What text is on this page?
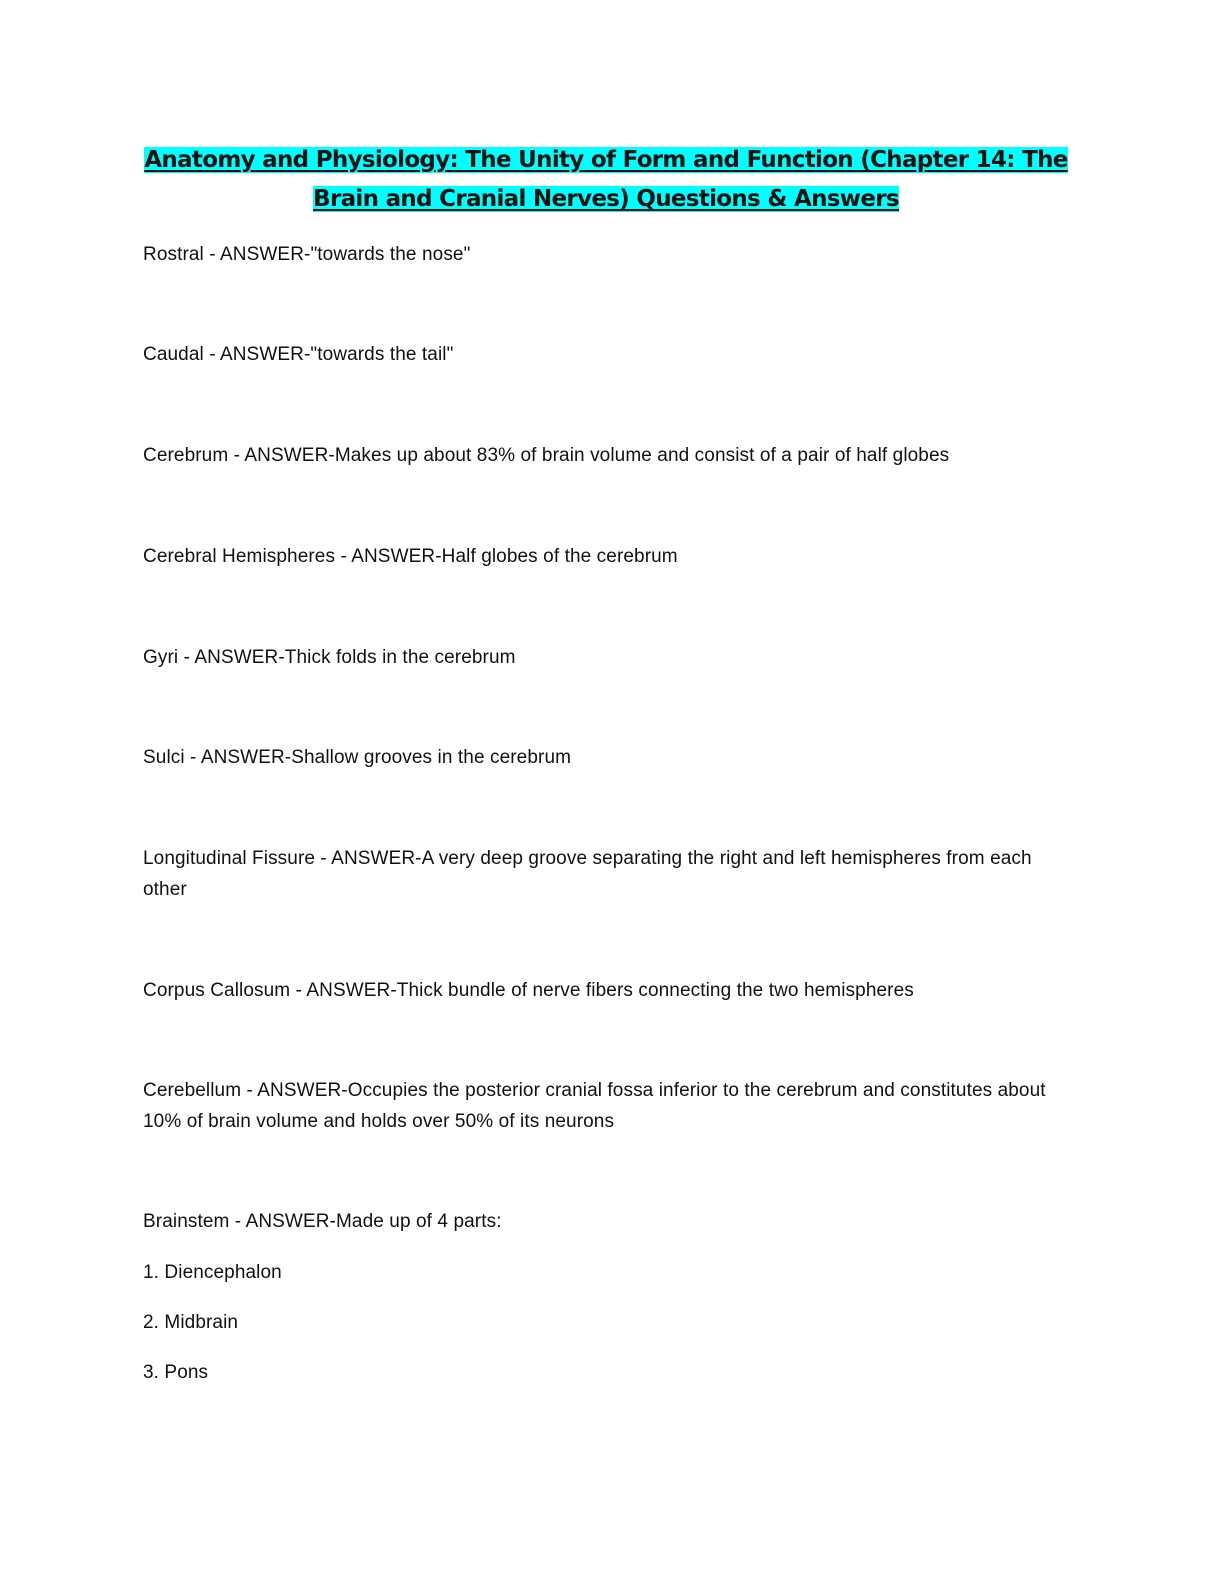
Anatomy and Physiology: The Unity of Form and Function (Chapter 14: The Brain and Cranial Nerves) Questions & Answers

Rostral - ANSWER-"towards the nose"

Caudal - ANSWER-"towards the tail"

Cerebrum - ANSWER-Makes up about 83% of brain volume and consist of a pair of half globes

Cerebral Hemispheres - ANSWER-Half globes of the cerebrum

Gyri - ANSWER-Thick folds in the cerebrum

Sulci - ANSWER-Shallow grooves in the cerebrum

Longitudinal Fissure - ANSWER-A very deep groove separating the right and left hemispheres from each other

Corpus Callosum - ANSWER-Thick bundle of nerve fibers connecting the two hemispheres

Cerebellum - ANSWER-Occupies the posterior cranial fossa inferior to the cerebrum and constitutes about 10% of brain volume and holds over 50% of its neurons

Brainstem - ANSWER-Made up of 4 parts:

1. Diencephalon

2. Midbrain

3. Pons
